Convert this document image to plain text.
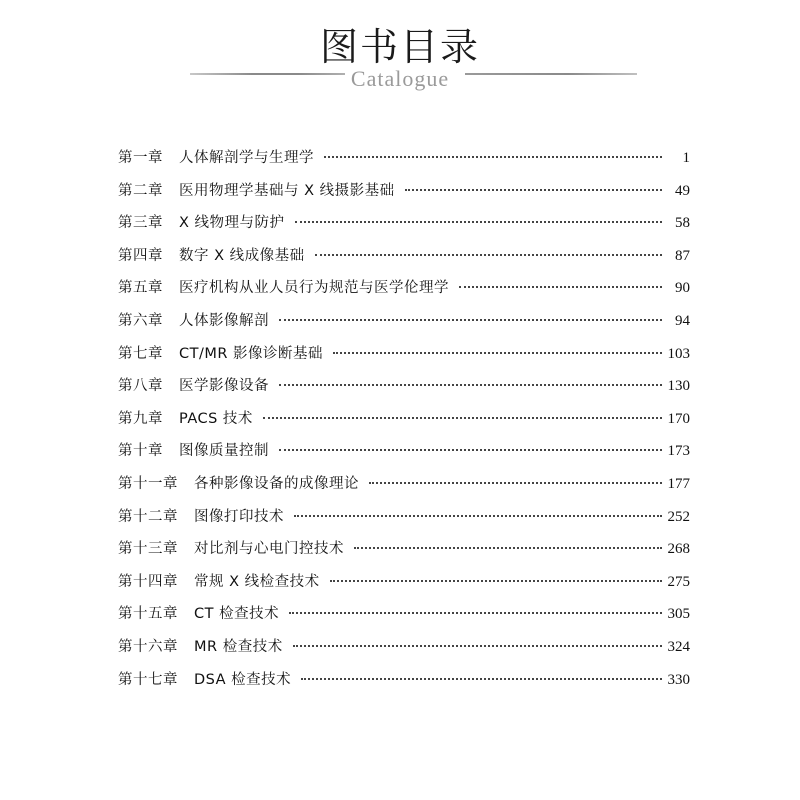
图书目录
Catalogue
第一章 人体解剖学与生理学	1
第二章 医用物理学基础与 X 线摄影基础	49
第三章 X 线物理与防护	58
第四章 数字 X 线成像基础	87
第五章 医疗机构从业人员行为规范与医学伦理学	90
第六章 人体影像解剖	94
第七章 CT/MR 影像诊断基础	103
第八章 医学影像设备	130
第九章 PACS 技术	170
第十章 图像质量控制	173
第十一章 各种影像设备的成像理论	177
第十二章 图像打印技术	252
第十三章 对比剂与心电门控技术	268
第十四章 常规 X 线检查技术	275
第十五章 CT 检查技术	305
第十六章 MR 检查技术	324
第十七章 DSA 检查技术	330
